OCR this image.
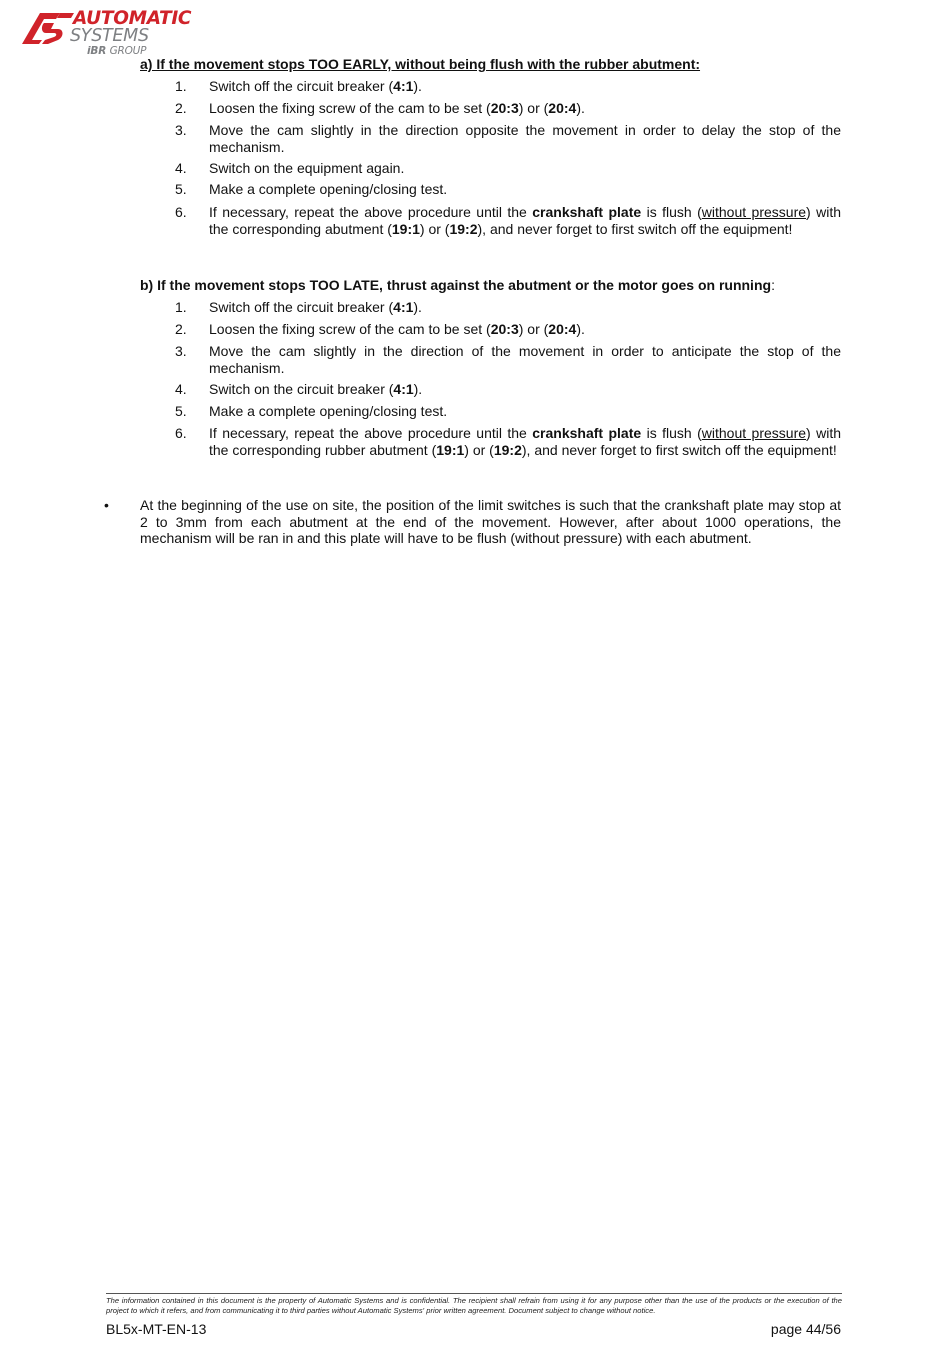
AUTOMATIC
SYSTEMS
iBR GROUP
a) If the movement stops TOO EARLY, without being flush with the rubber abutment:
1. Switch off the circuit breaker (4:1).
2. Loosen the fixing screw of the cam to be set (20:3) or (20:4).
3. Move the cam slightly in the direction opposite the movement in order to delay the stop of the mechanism.
4. Switch on the equipment again.
5. Make a complete opening/closing test.
6. If necessary, repeat the above procedure until the crankshaft plate is flush (without pressure) with the corresponding abutment (19:1) or (19:2), and never forget to first switch off the equipment!
b) If the movement stops TOO LATE, thrust against the abutment or the motor goes on running:
1. Switch off the circuit breaker (4:1).
2. Loosen the fixing screw of the cam to be set (20:3) or (20:4).
3. Move the cam slightly in the direction of the movement in order to anticipate the stop of the mechanism.
4. Switch on the circuit breaker (4:1).
5. Make a complete opening/closing test.
6. If necessary, repeat the above procedure until the crankshaft plate is flush (without pressure) with the corresponding rubber abutment (19:1) or (19:2), and never forget to first switch off the equipment!
• At the beginning of the use on site, the position of the limit switches is such that the crankshaft plate may stop at 2 to 3mm from each abutment at the end of the movement. However, after about 1000 operations, the mechanism will be ran in and this plate will have to be flush (without pressure) with each abutment.
The information contained in this document is the property of Automatic Systems and is confidential. The recipient shall refrain from using it for any purpose other than the use of the products or the execution of the project to which it refers, and from communicating it to third parties without Automatic Systems' prior written agreement. Document subject to change without notice.
BL5x-MT-EN-13	page 44/56
